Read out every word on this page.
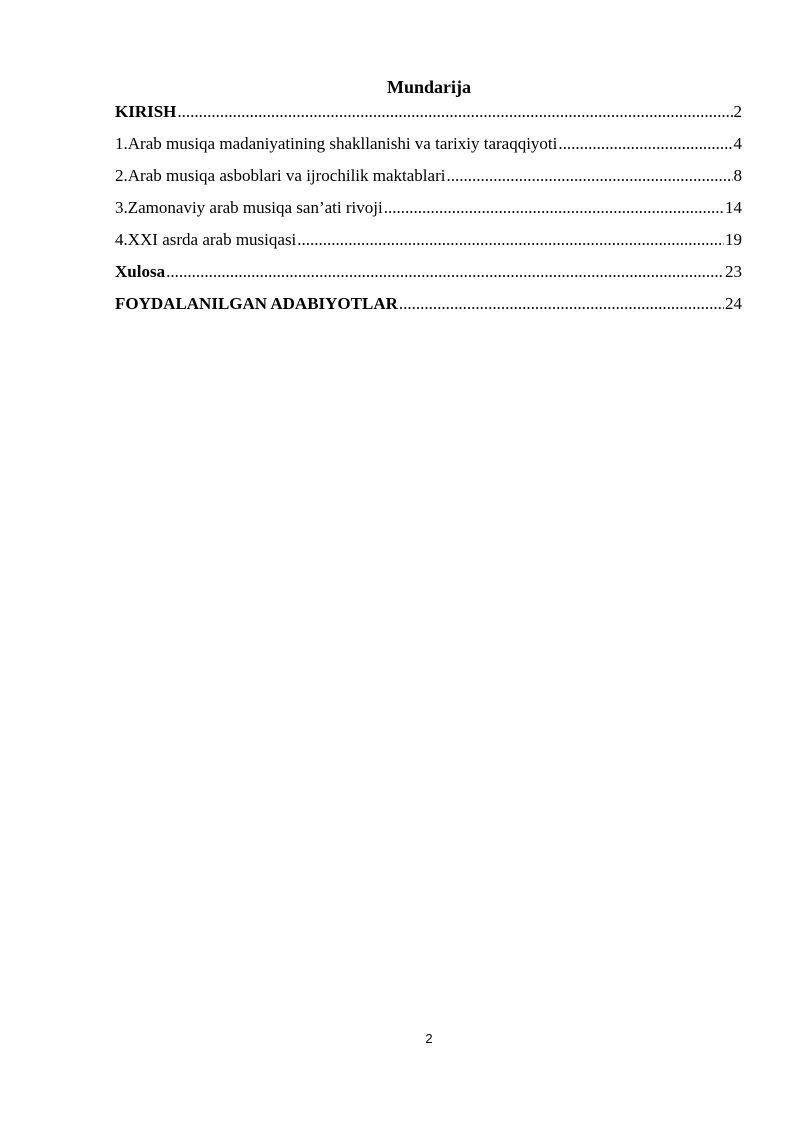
Mundarija
KIRISH .....	2
1.Arab musiqa madaniyatining shakllanishi va tarixiy taraqqiyoti .....	4
2.Arab musiqa asboblari va ijrochilik maktablari .....	8
3.Zamonaviy arab musiqa san’ati rivoji .....	14
4.XXI asrda arab musiqasi .....	19
Xulosa .....	23
FOYDALANILGAN ADABIYOTLAR .....	24

2
